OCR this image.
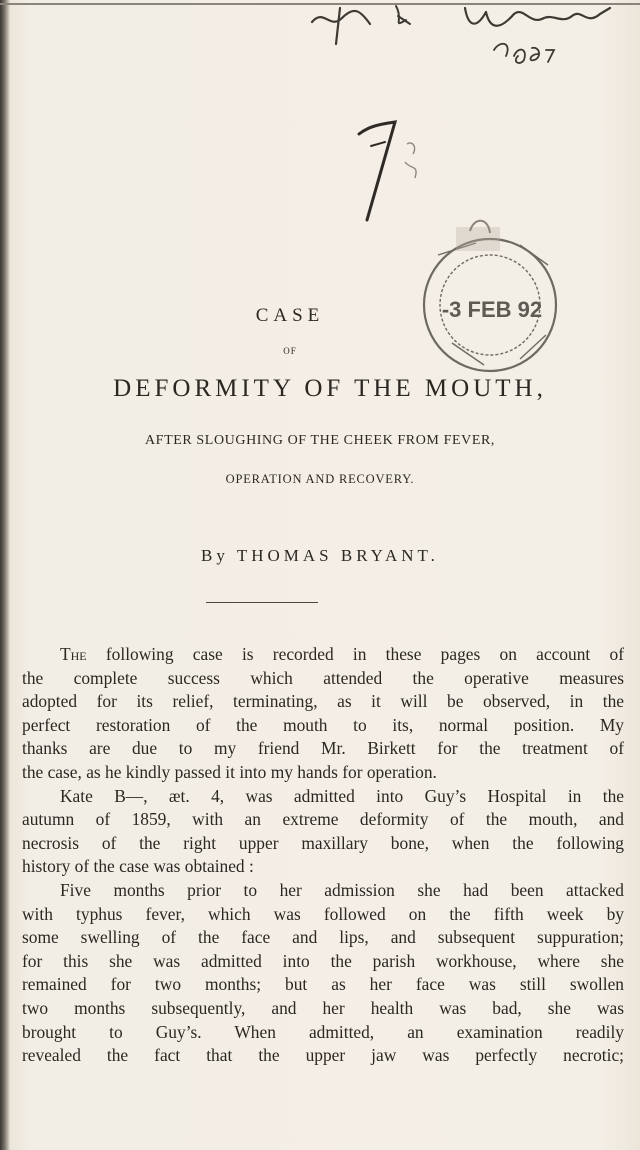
-3 FEB 92
CASE
OF
DEFORMITY OF THE MOUTH,
AFTER SLOUGHING OF THE CHEEK FROM FEVER,
OPERATION AND RECOVERY.
By THOMAS BRYANT.
The following case is recorded in these pages on account of
the complete success which attended the operative measures
adopted for its relief, terminating, as it will be observed, in the
perfect restoration of the mouth to its, normal position. My
thanks are due to my friend Mr. Birkett for the treatment of
the case, as he kindly passed it into my hands for operation.
Kate B—, æt. 4, was admitted into Guy’s Hospital in the
autumn of 1859, with an extreme deformity of the mouth, and
necrosis of the right upper maxillary bone, when the following
history of the case was obtained :
Five months prior to her admission she had been attacked
with typhus fever, which was followed on the fifth week by
some swelling of the face and lips, and subsequent suppuration;
for this she was admitted into the parish workhouse, where she
remained for two months; but as her face was still swollen
two months subsequently, and her health was bad, she was
brought to Guy’s. When admitted, an examination readily
revealed the fact that the upper jaw was perfectly necrotic;
